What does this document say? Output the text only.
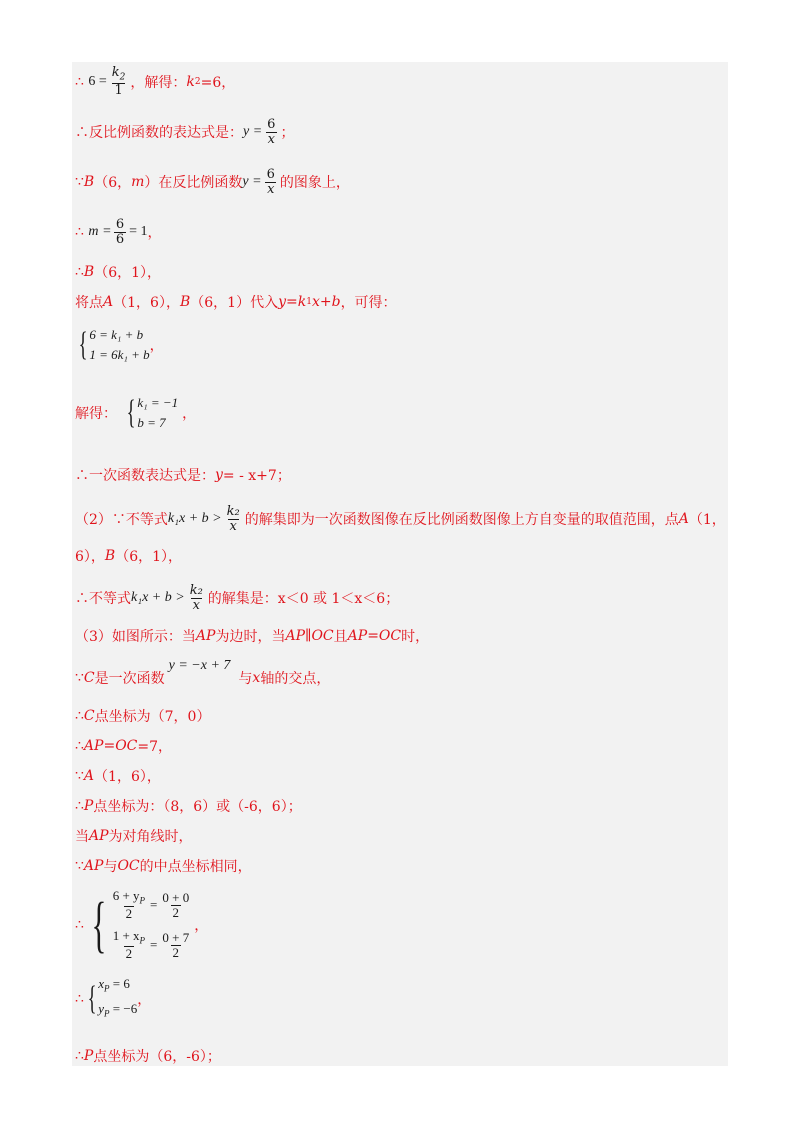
∴
$6 = \frac{k_2}{1}$ ，解得： k 2 =6，
∴反比例函数的表达式是： $y = \frac{6}{x}$ ；
∵ B （6， m ）在反比例函数 $y = \frac{6}{x}$ 的图象上，
∴
m
= $\frac{6}{6} = 1$ ，
∴ B （6，1），
将点 A （1，6）， B （6，1）代入 y = k 1 x + b ，可得：
{ 6 = k₁ + b
1 = 6k₁ + b
，
解得： { k₁ = −1
b = 7
，
∴一次函数表达式是： y = - x+7；
（2）∵不等式 $k_1x + b > \frac{\text{k₂}}{x}$ 的解集即为一次函数图像在反比例函数图像上方自变量的取值范围，点 A （1，
6）， B （6，1），
∴不等式 $k_1x + b > \frac{\text{k₂}}{x}$ 的解集是： x＜0 或 1＜x＜6；
（3）如图所示：当 AP 为边时，当 AP ∥ OC 且 AP = OC 时，
∵ C 是一次函数
y = −x + 7
与 x 轴的交点，
∴ C 点坐标为（7，0）
∴ AP = OC =7，
∵ A （1，6），
∴ P 点坐标为：（8，6）或（-6，6）；
当 AP 为对角线时，
∵ AP 与 OC 的中点坐标相同，
∴ { $\frac{6 + y_P}{2} = \frac{0 + 0}{2}$
$\frac{1 + x_P}{2} = \frac{0 + 7}{2}$
，
∴ { $x_P = 6$
$y_P = -6$
，
∴ P 点坐标为（6，-6）；
